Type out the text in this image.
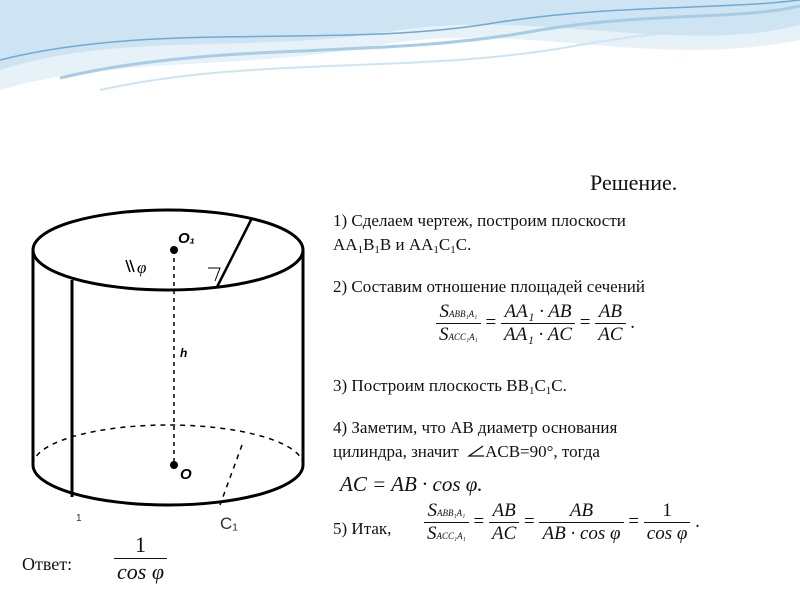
Решение.
O₁
O
h
φ
C₁
1
1) Сделаем чертеж, построим плоскости
$AA_1B_1B$ и $AA_1C_1C$.
2) Составим отношение площадей сечений
$\frac{\text{SABB₁A₁}}{\text{SACC₁A₁}} = \frac{\text{AA₁ · AB}}{\text{AA₁ · AC}} = \frac{AB}{AC}$ .
3) Построим плоскость $BB_1C_1C$.
4) Заметим, что AB диаметр основания
цилиндра, значит ACB=90°, тогда
AC = AB · cos φ.
5) Итак, $\frac{\text{SABB₁A₁}}{\text{SACC₁A₁}} = \frac{AB}{AC} = \frac{AB}{\text{AB · cos φ}} = \frac{1}{\text{cos φ}}$ .
Ответ: $\frac{1}{\text{cos φ}}$
